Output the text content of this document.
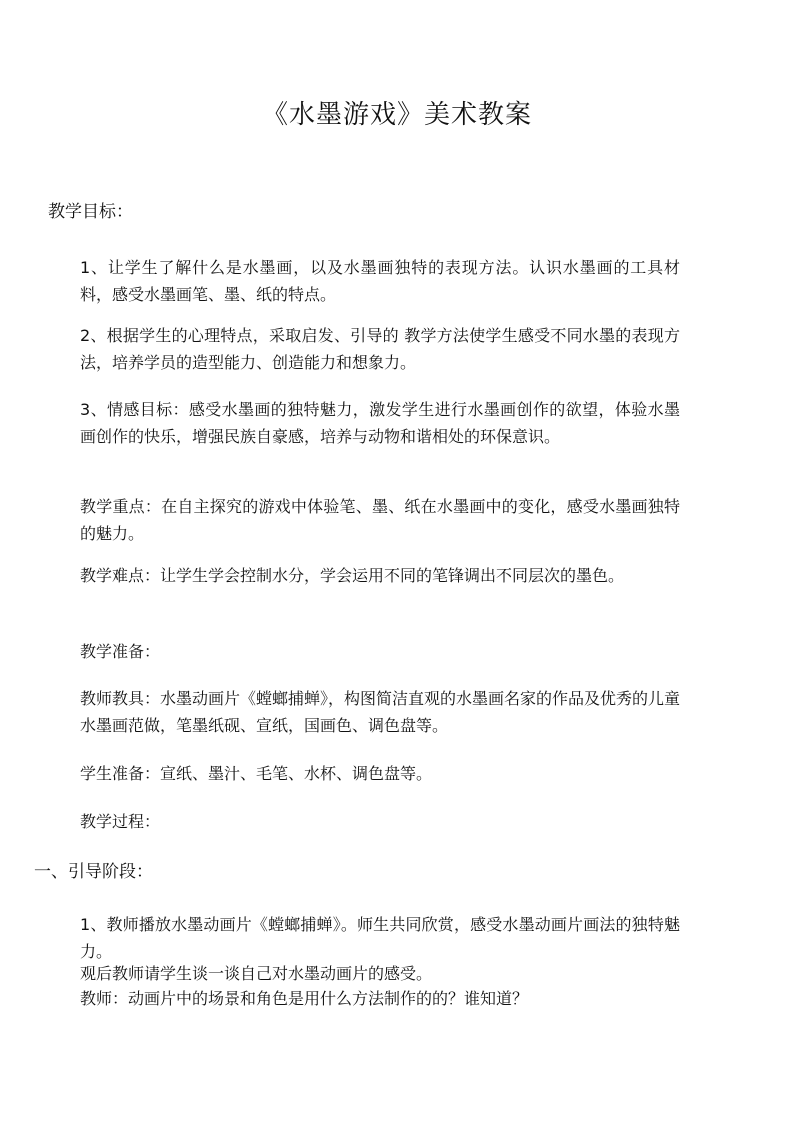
《水墨游戏》美术教案
教学目标：
1、让学生了解什么是水墨画，以及水墨画独特的表现方法。认识水墨画的工具材料，感受水墨画笔、墨、纸的特点。
2、根据学生的心理特点，采取启发、引导的 教学方法使学生感受不同水墨的表现方法，培养学员的造型能力、创造能力和想象力。
3、情感目标：感受水墨画的独特魅力，激发学生进行水墨画创作的欲望，体验水墨画创作的快乐，增强民族自豪感，培养与动物和谐相处的环保意识。
教学重点：在自主探究的游戏中体验笔、墨、纸在水墨画中的变化，感受水墨画独特的魅力。
教学难点：让学生学会控制水分，学会运用不同的笔锋调出不同层次的墨色。
教学准备：
教师教具：水墨动画片《螳螂捕蝉》，构图简洁直观的水墨画名家的作品及优秀的儿童水墨画范做，笔墨纸砚、宣纸，国画色、调色盘等。
学生准备：宣纸、墨汁、毛笔、水杯、调色盘等。
教学过程：
一、引导阶段：
1、教师播放水墨动画片《螳螂捕蝉》。师生共同欣赏，感受水墨动画片画法的独特魅力。
观后教师请学生谈一谈自己对水墨动画片的感受。
教师：动画片中的场景和角色是用什么方法制作的的？谁知道？
